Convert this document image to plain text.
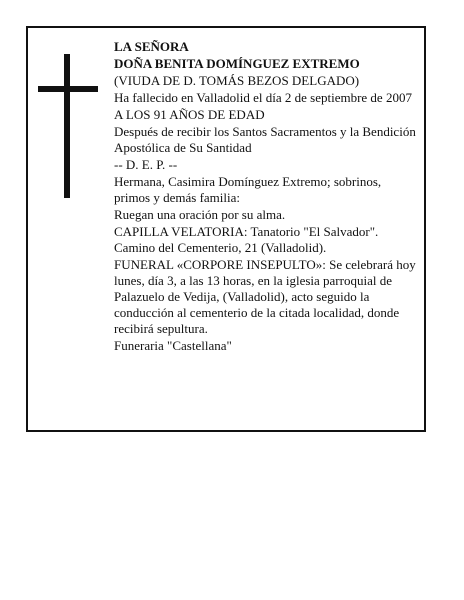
LA SEÑORA

DOÑA BENITA DOMÍNGUEZ EXTREMO

(VIUDA DE D. TOMÁS BEZOS DELGADO)

Ha fallecido en Valladolid el día 2 de septiembre de 2007

A LOS 91 AÑOS DE EDAD

Después de recibir los Santos Sacramentos y la Bendición Apostólica de Su Santidad

-- D. E. P. --

Hermana, Casimira Domínguez Extremo; sobrinos, primos y demás familia:

Ruegan una oración por su alma.

CAPILLA VELATORIA: Tanatorio "El Salvador". Camino del Cementerio, 21 (Valladolid).

FUNERAL «CORPORE INSEPULTO»: Se celebrará hoy lunes, día 3, a las 13 horas, en la iglesia parroquial de Palazuelo de Vedija, (Valladolid), acto seguido la conducción al cementerio de la citada localidad, donde recibirá sepultura.

Funeraria "Castellana"
